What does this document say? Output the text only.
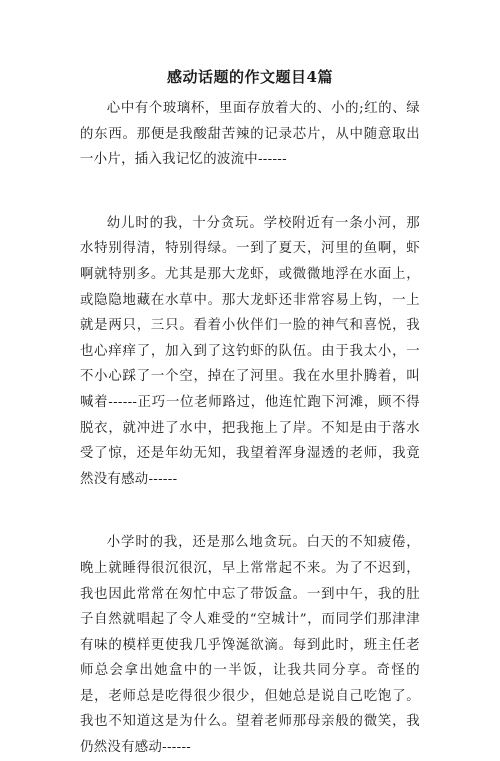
感动话题的作文题目4篇

心中有个玻璃杯，里面存放着大的、小的;红的、绿的东西。那便是我酸甜苦辣的记录芯片，从中随意取出一小片，插入我记忆的波流中------

幼儿时的我，十分贪玩。学校附近有一条小河，那水特别得清，特别得绿。一到了夏天，河里的鱼啊，虾啊就特别多。尤其是那大龙虾，或微微地浮在水面上，或隐隐地藏在水草中。那大龙虾还非常容易上钩，一上就是两只，三只。看着小伙伴们一脸的神气和喜悦，我也心痒痒了，加入到了这钓虾的队伍。由于我太小，一不小心踩了一个空，掉在了河里。我在水里扑腾着，叫喊着------正巧一位老师路过，他连忙跑下河滩，顾不得脱衣，就冲进了水中，把我拖上了岸。不知是由于落水受了惊，还是年幼无知，我望着浑身湿透的老师，我竟然没有感动------

小学时的我，还是那么地贪玩。白天的不知疲倦，晚上就睡得很沉很沉，早上常常起不来。为了不迟到，我也因此常常在匆忙中忘了带饭盒。一到中午，我的肚子自然就唱起了令人难受的“空城计”，而同学们那津津有味的模样更使我几乎馋涎欲滴。每到此时，班主任老师总会拿出她盒中的一半饭，让我共同分享。奇怪的是，老师总是吃得很少很少，但她总是说自己吃饱了。我也不知道这是为什么。望着老师那母亲般的微笑，我仍然没有感动------
